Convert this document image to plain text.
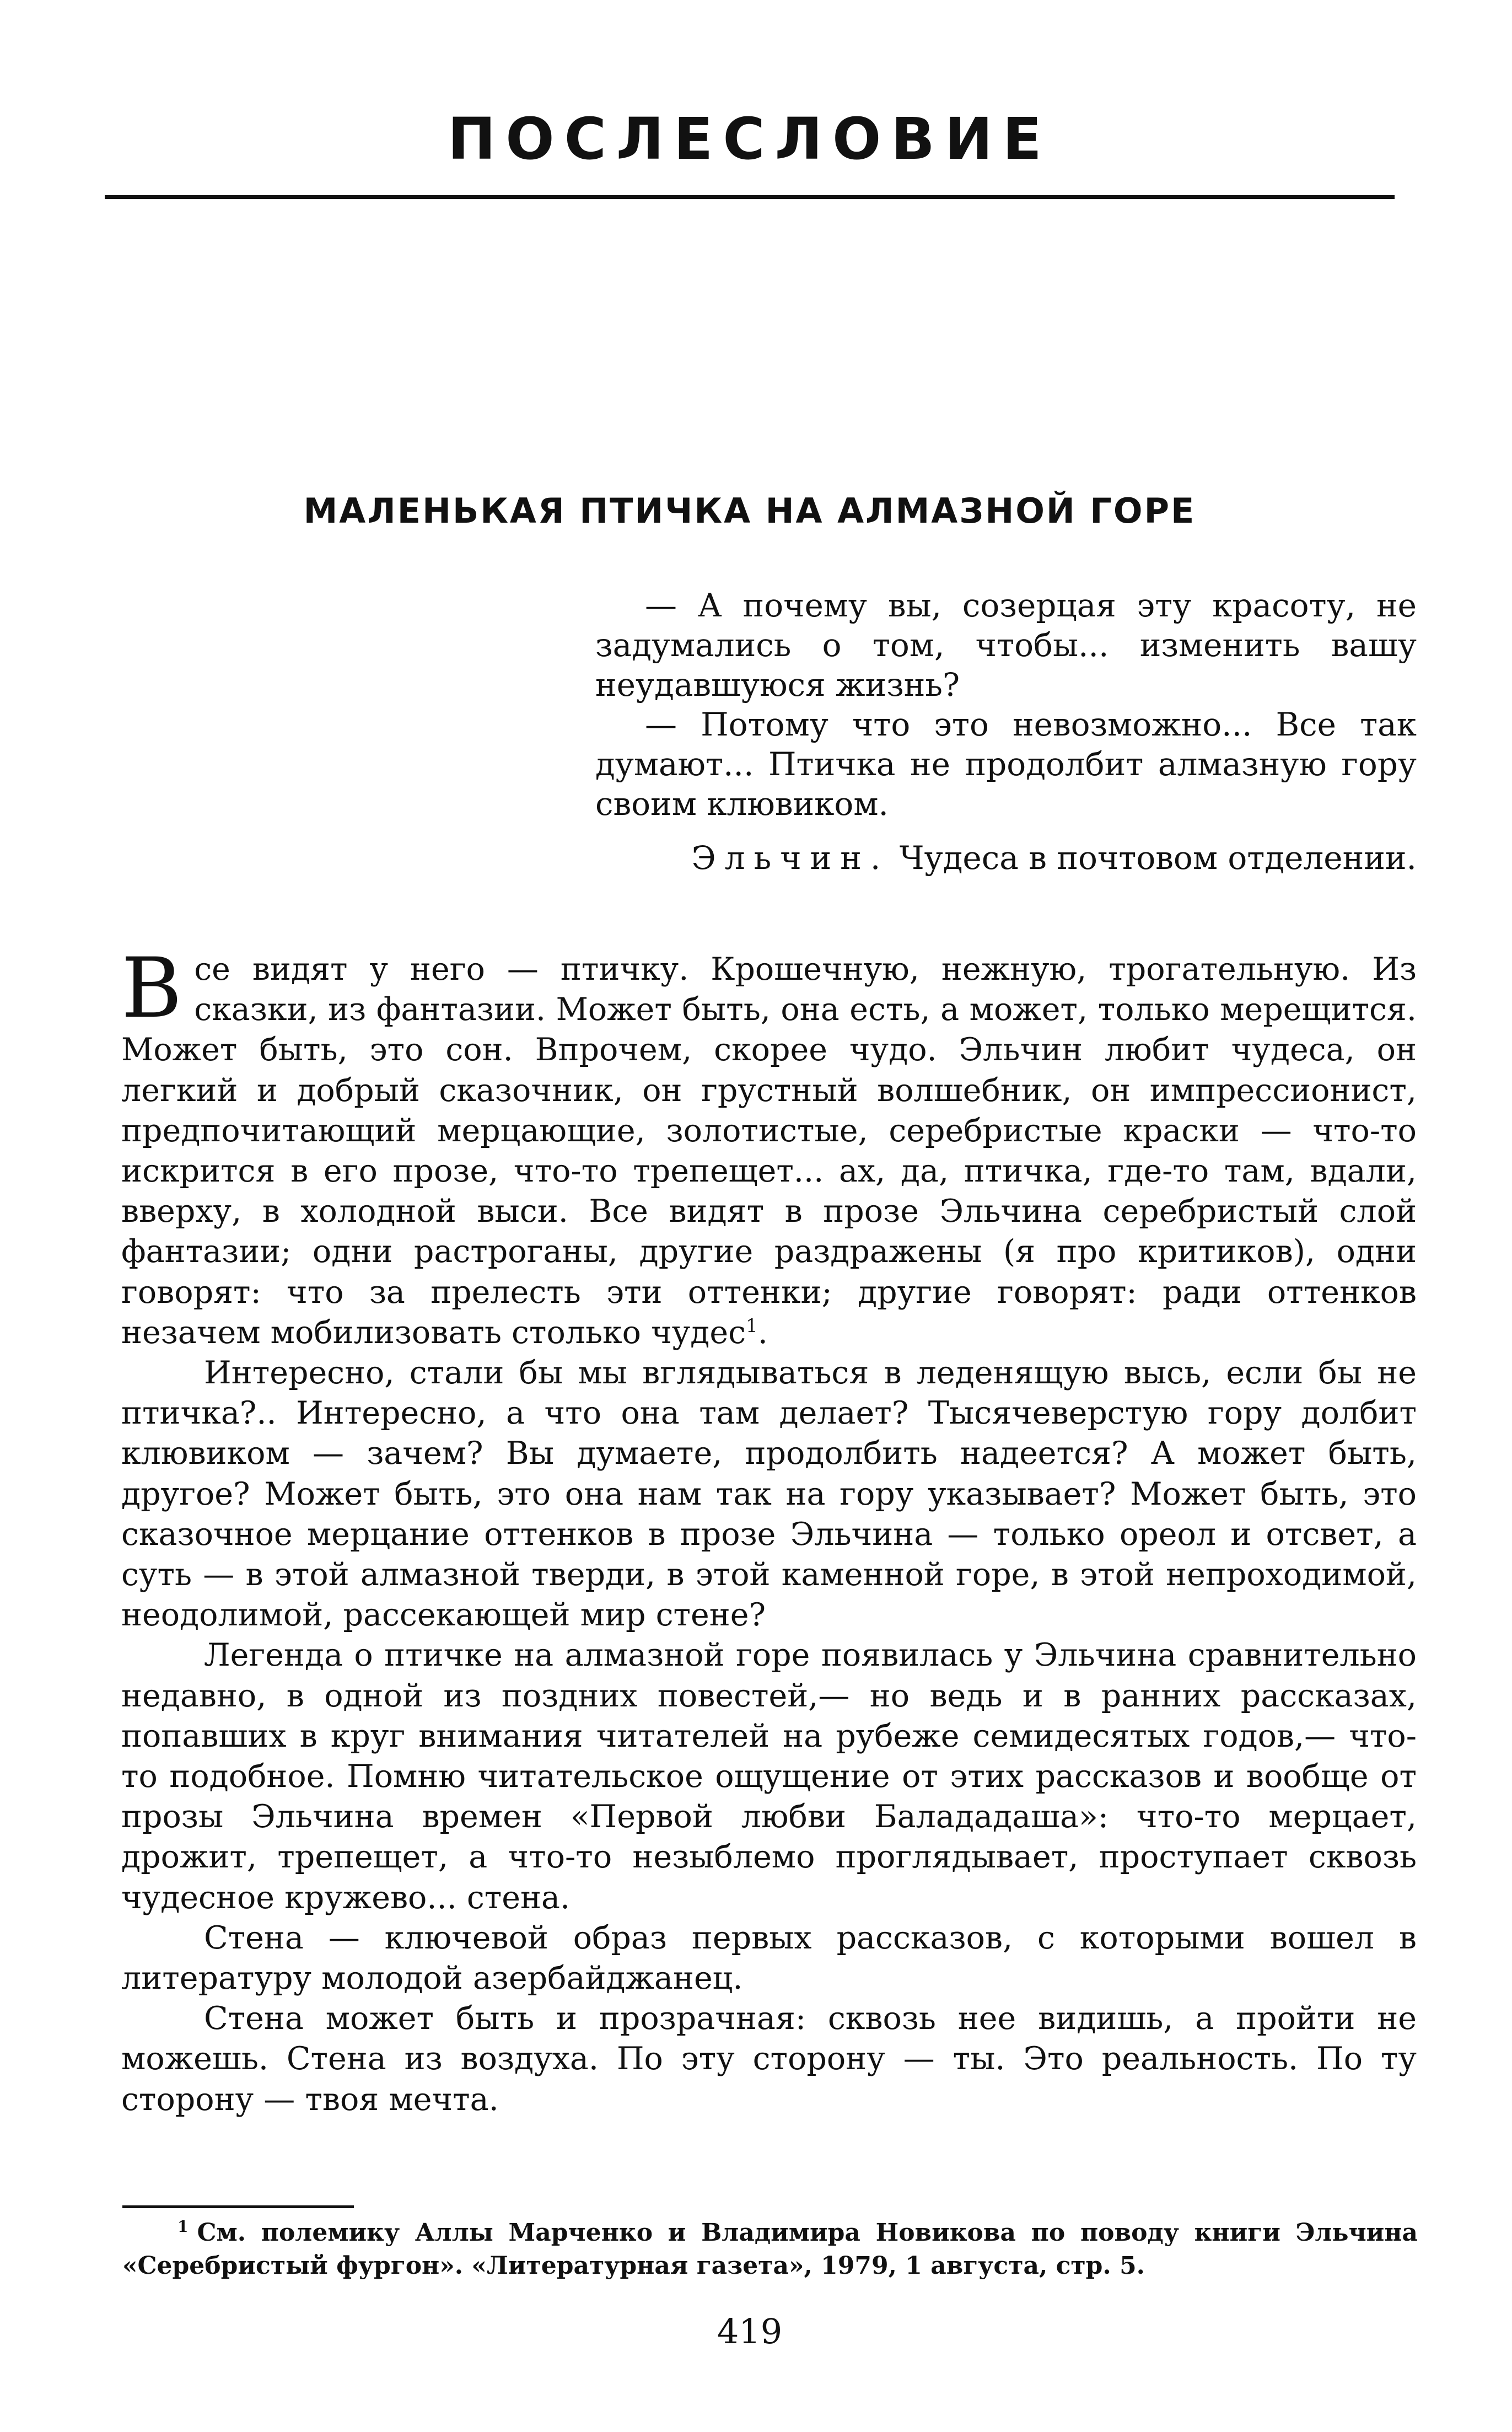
ПОСЛЕСЛОВИЕ
МАЛЕНЬКАЯ ПТИЧКА НА АЛМАЗНОЙ ГОРЕ

— А почему вы, созерцая эту красоту, не задумались о том, чтобы... изменить вашу неудавшуюся жизнь?

— Потому что это невозможно... Все так думают... Птичка не продолбит алмазную гору своим клювиком.

Эльчин. Чудеса в почтовом отделении.

Все видят у него — птичку. Крошечную, нежную, трогательную. Из сказки, из фантазии. Может быть, она есть, а может, только мерещится. Может быть, это сон. Впрочем, скорее чудо. Эльчин любит чудеса, он легкий и добрый сказочник, он грустный волшебник, он импрессионист, предпочитающий мерцающие, золотистые, серебристые краски — что-то искрится в его прозе, что-то трепещет... ах, да, птичка, где-то там, вдали, вверху, в холодной выси. Все видят в прозе Эльчина серебристый слой фантазии; одни растроганы, другие раздражены (я про критиков), одни говорят: что за прелесть эти оттенки; другие говорят: ради оттенков незачем мобилизовать столько чудес$^1$.

Интересно, стали бы мы вглядываться в леденящую высь, если бы не птичка?.. Интересно, а что она там делает? Тысячеверстую гору долбит клювиком — зачем? Вы думаете, продолбить надеется? А может быть, другое? Может быть, это она нам так на гору указывает? Может быть, это сказочное мерцание оттенков в прозе Эльчина — только ореол и отсвет, а суть — в этой алмазной тверди, в этой каменной горе, в этой непроходимой, неодолимой, рассекающей мир стене?

Легенда о птичке на алмазной горе появилась у Эльчина сравнительно недавно, в одной из поздних повестей,— но ведь и в ранних рассказах, попавших в круг внимания читателей на рубеже семидесятых годов,— что-то подобное. Помню читательское ощущение от этих рассказов и вообще от прозы Эльчина времен «Первой любви Балададаша»: что-то мерцает, дрожит, трепещет, а что-то незыблемо проглядывает, проступает сквозь чудесное кружево... стена.

Стена — ключевой образ первых рассказов, с которыми вошел в литературу молодой азербайджанец.

Стена может быть и прозрачная: сквозь нее видишь, а пройти не можешь. Стена из воздуха. По эту сторону — ты. Это реальность. По ту сторону — твоя мечта.

$^1$ См. полемику Аллы Марченко и Владимира Новикова по поводу книги Эльчина «Серебристый фургон». «Литературная газета», 1979, 1 августа, стр. 5.

419
